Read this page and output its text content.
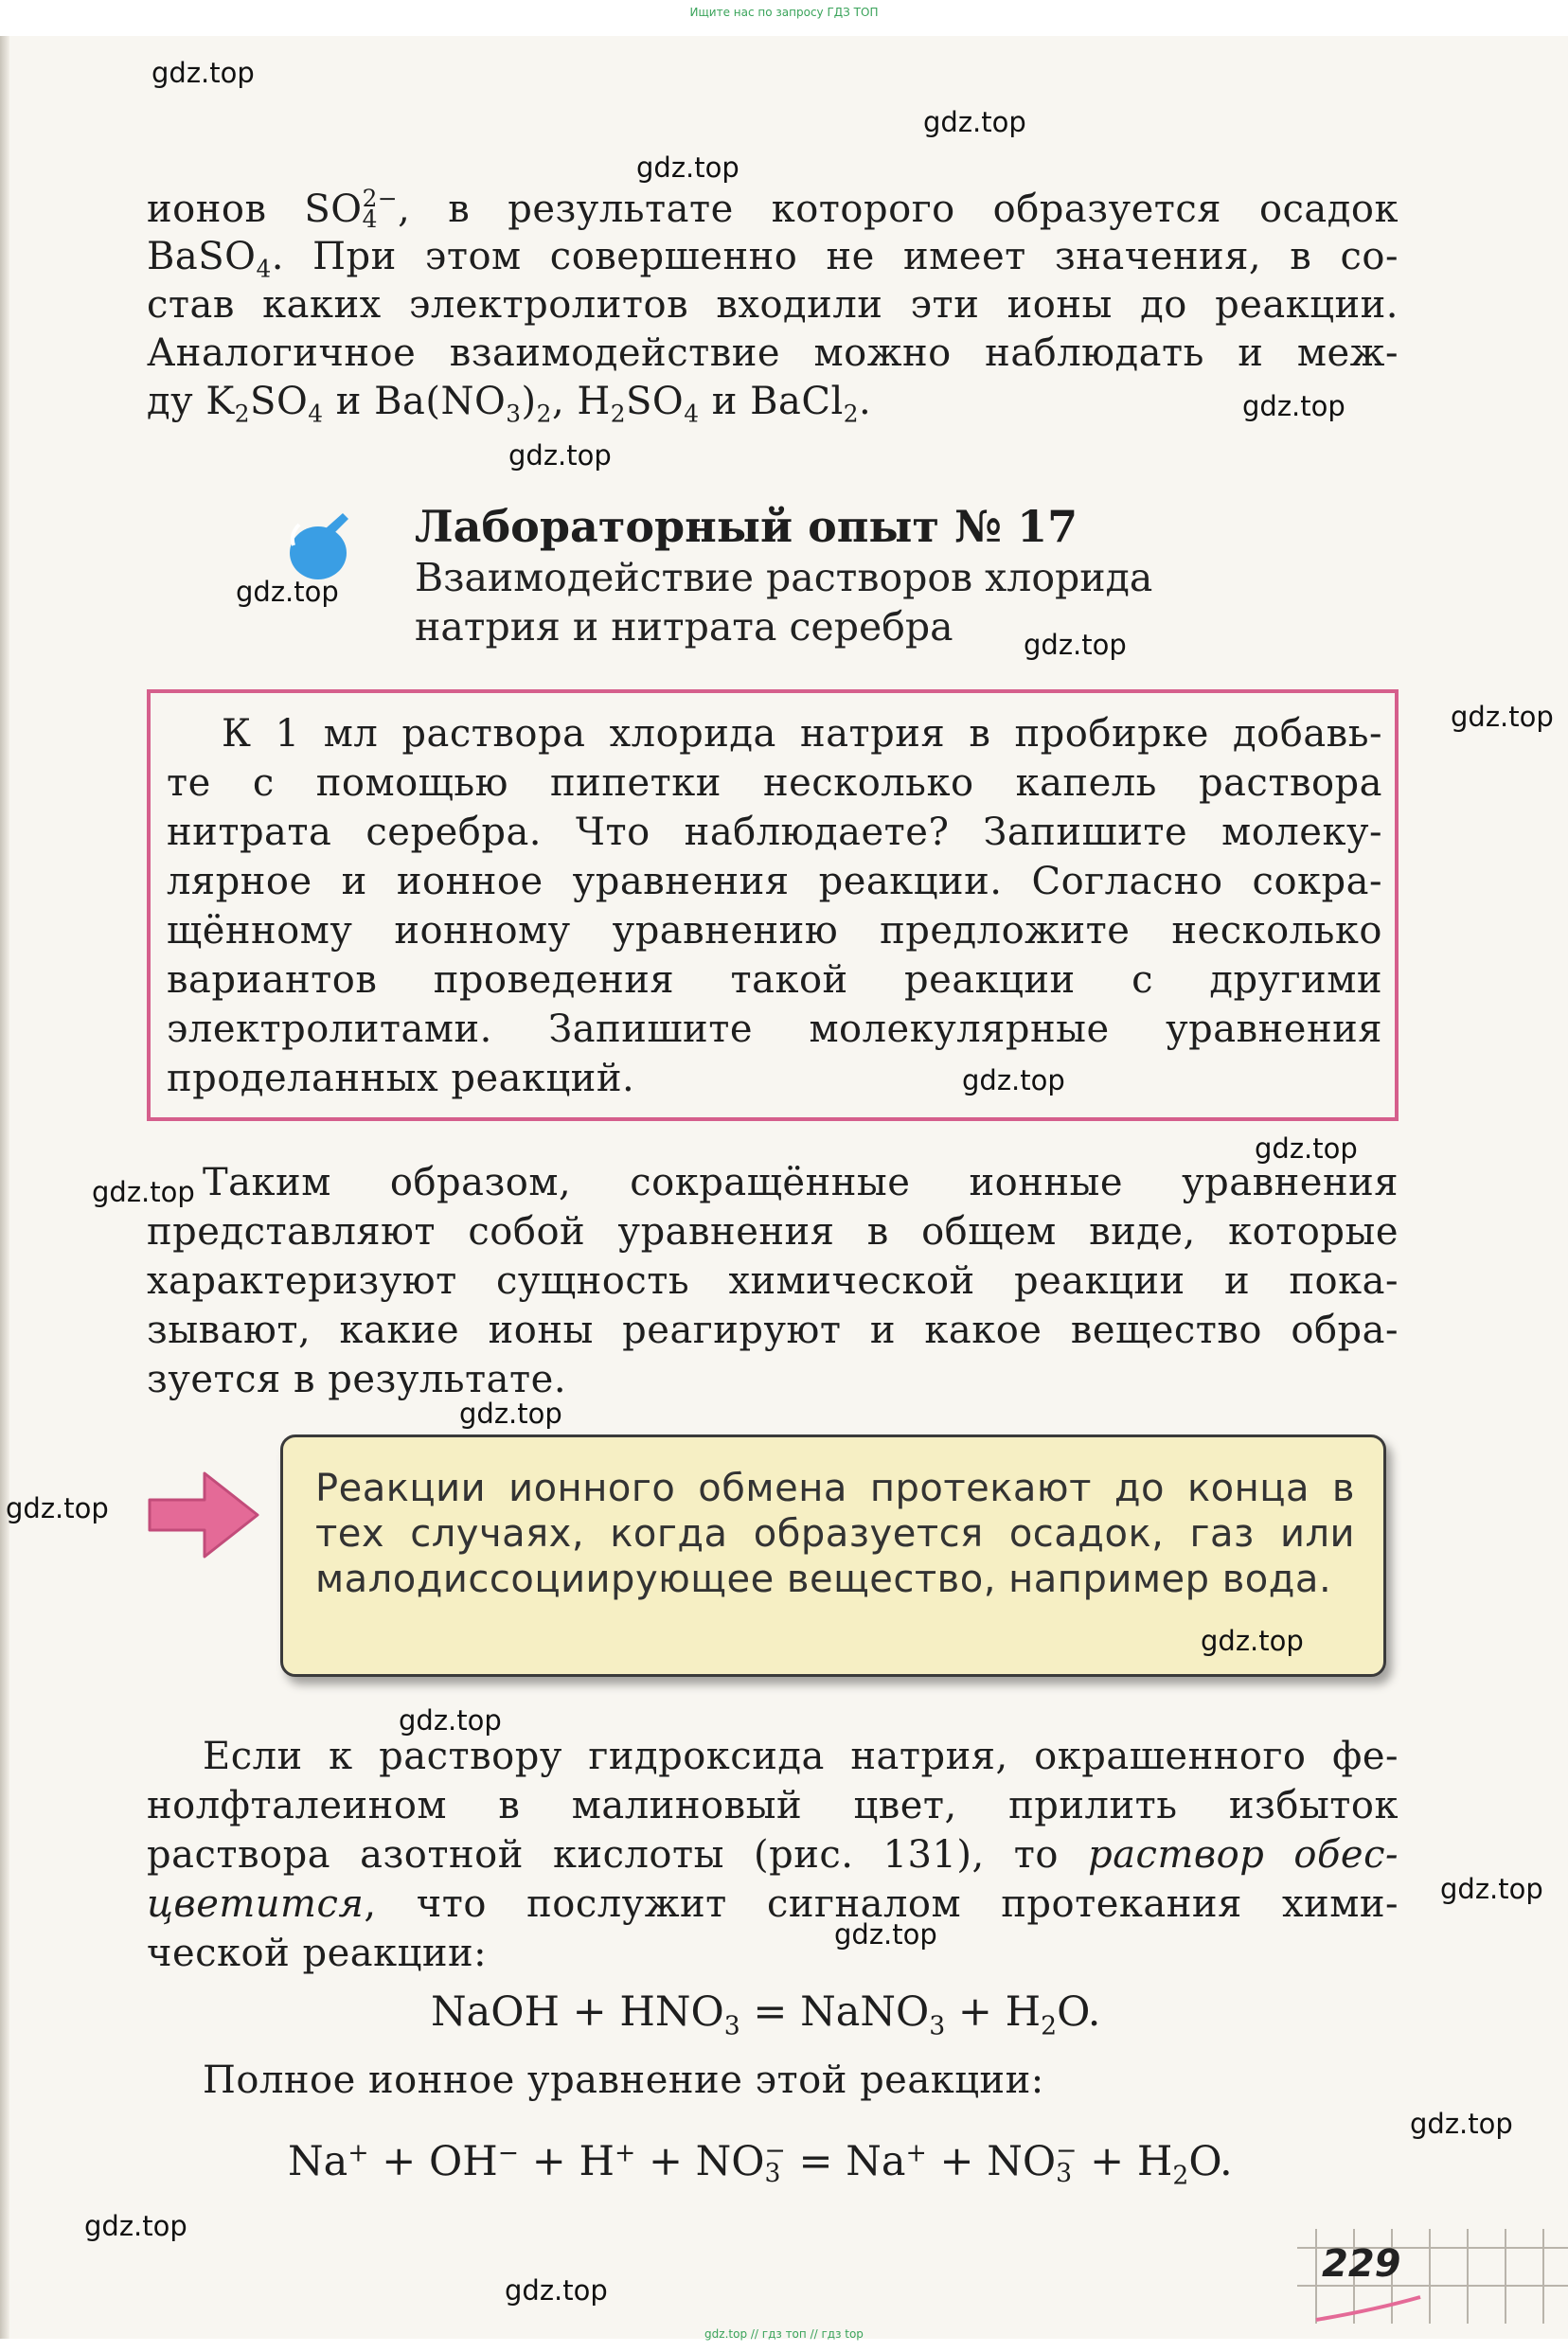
Ищите нас по запросу ГДЗ ТОП

ионов SO 2−
4 , в результате которого образуется осадок

BaSO$_4$. При этом совершенно не имеет значения, в со-

став каких электролитов входили эти ионы до реакции.

Аналогичное взаимодействие можно наблюдать и меж-

ду $K_2SO_4$ и $Ba(NO_3)_2$, $H_2SO_4$ и BaCl$_2$.

Лабораторный опыт № 17

Взаимодействие растворов хлорида

натрия и нитрата серебра

К 1 мл раствора хлорида натрия в пробирке добавь-

те с помощью пипетки несколько капель раствора

нитрата серебра. Что наблюдаете? Запишите молеку-

лярное и ионное уравнения реакции. Согласно сокра-

щённому ионному уравнению предложите несколько

вариантов проведения такой реакции с другими

электролитами. Запишите молекулярные уравнения

проделанных реакций.

Таким образом, сокращённые ионные уравнения

представляют собой уравнения в общем виде, которые

характеризуют сущность химической реакции и пока-

зывают, какие ионы реагируют и какое вещество обра-

зуется в результате.

Реакции ионного обмена протекают до конца в тех случаях, когда образуется осадок, газ или малодиссоциирующее вещество, например вода.

Если к раствору гидроксида натрия, окрашенного фе-

нолфталеином в малиновый цвет, прилить избыток

раствора азотной кислоты (рис. 131), то раствор обес-

цветится, что послужит сигналом протекания хими-

ческой реакции:

NaOH + $HNO_3$ = NaNO$_3$ + $H_2O$.

Полное ионное уравнение этой реакции:

Na+ + OH− + H+ + NO −
3 = Na+ + NO −
$3 + H_2O$.

229

gdz.top

gdz.top

gdz.top

gdz.top

gdz.top

gdz.top

gdz.top

gdz.top

gdz.top

gdz.top

gdz.top

gdz.top

gdz.top

gdz.top

gdz.top

gdz.top

gdz.top

gdz.top

gdz.top

gdz.top

gdz.top // гдз топ // гдз top
